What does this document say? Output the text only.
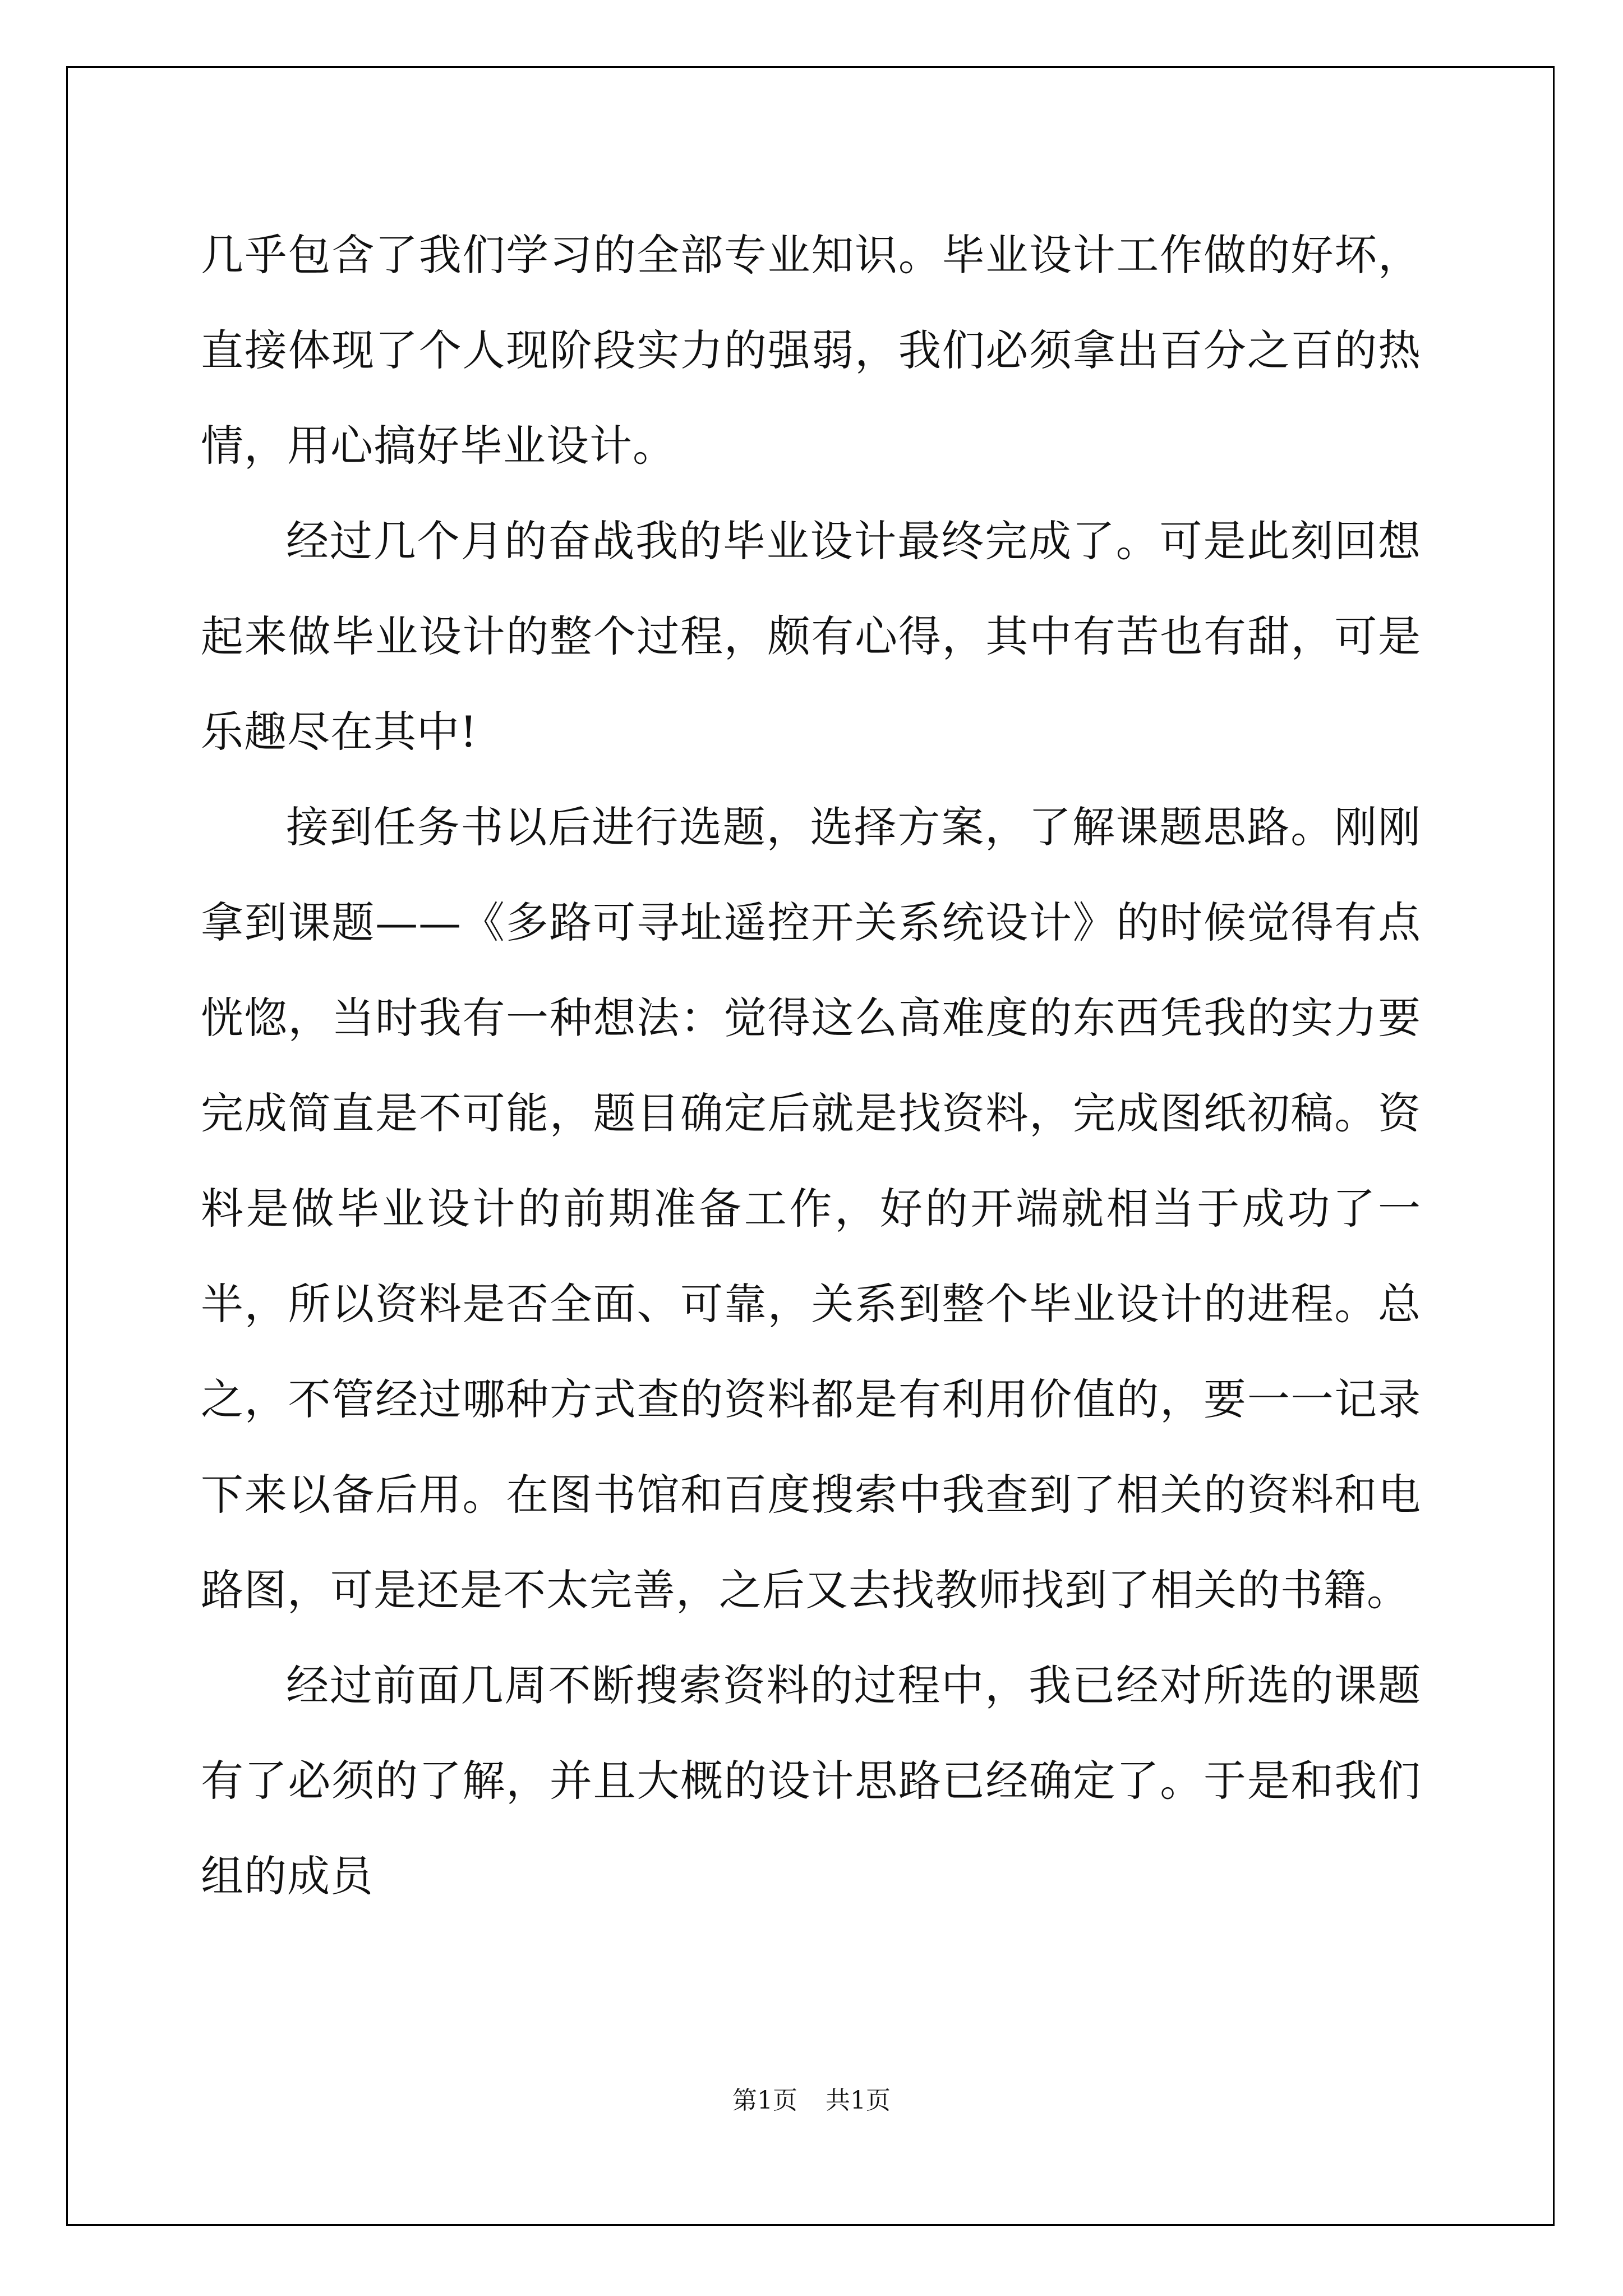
几乎包含了我们学习的全部专业知识。毕业设计工作做的好坏，直接体现了个人现阶段实力的强弱，我们必须拿出百分之百的热情，用心搞好毕业设计。

经过几个月的奋战我的毕业设计最终完成了。可是此刻回想起来做毕业设计的整个过程，颇有心得，其中有苦也有甜，可是乐趣尽在其中!

接到任务书以后进行选题，选择方案，了解课题思路。刚刚拿到课题——《多路可寻址遥控开关系统设计》的时候觉得有点恍惚，当时我有一种想法：觉得这么高难度的东西凭我的实力要完成简直是不可能，题目确定后就是找资料，完成图纸初稿。资料是做毕业设计的前期准备工作，好的开端就相当于成功了一半，所以资料是否全面、可靠，关系到整个毕业设计的进程。总之，不管经过哪种方式查的资料都是有利用价值的，要一一记录下来以备后用。在图书馆和百度搜索中我查到了相关的资料和电路图，可是还是不太完善，之后又去找教师找到了相关的书籍。

经过前面几周不断搜索资料的过程中，我已经对所选的课题有了必须的了解，并且大概的设计思路已经确定了。于是和我们组的成员

第1页 共1页
